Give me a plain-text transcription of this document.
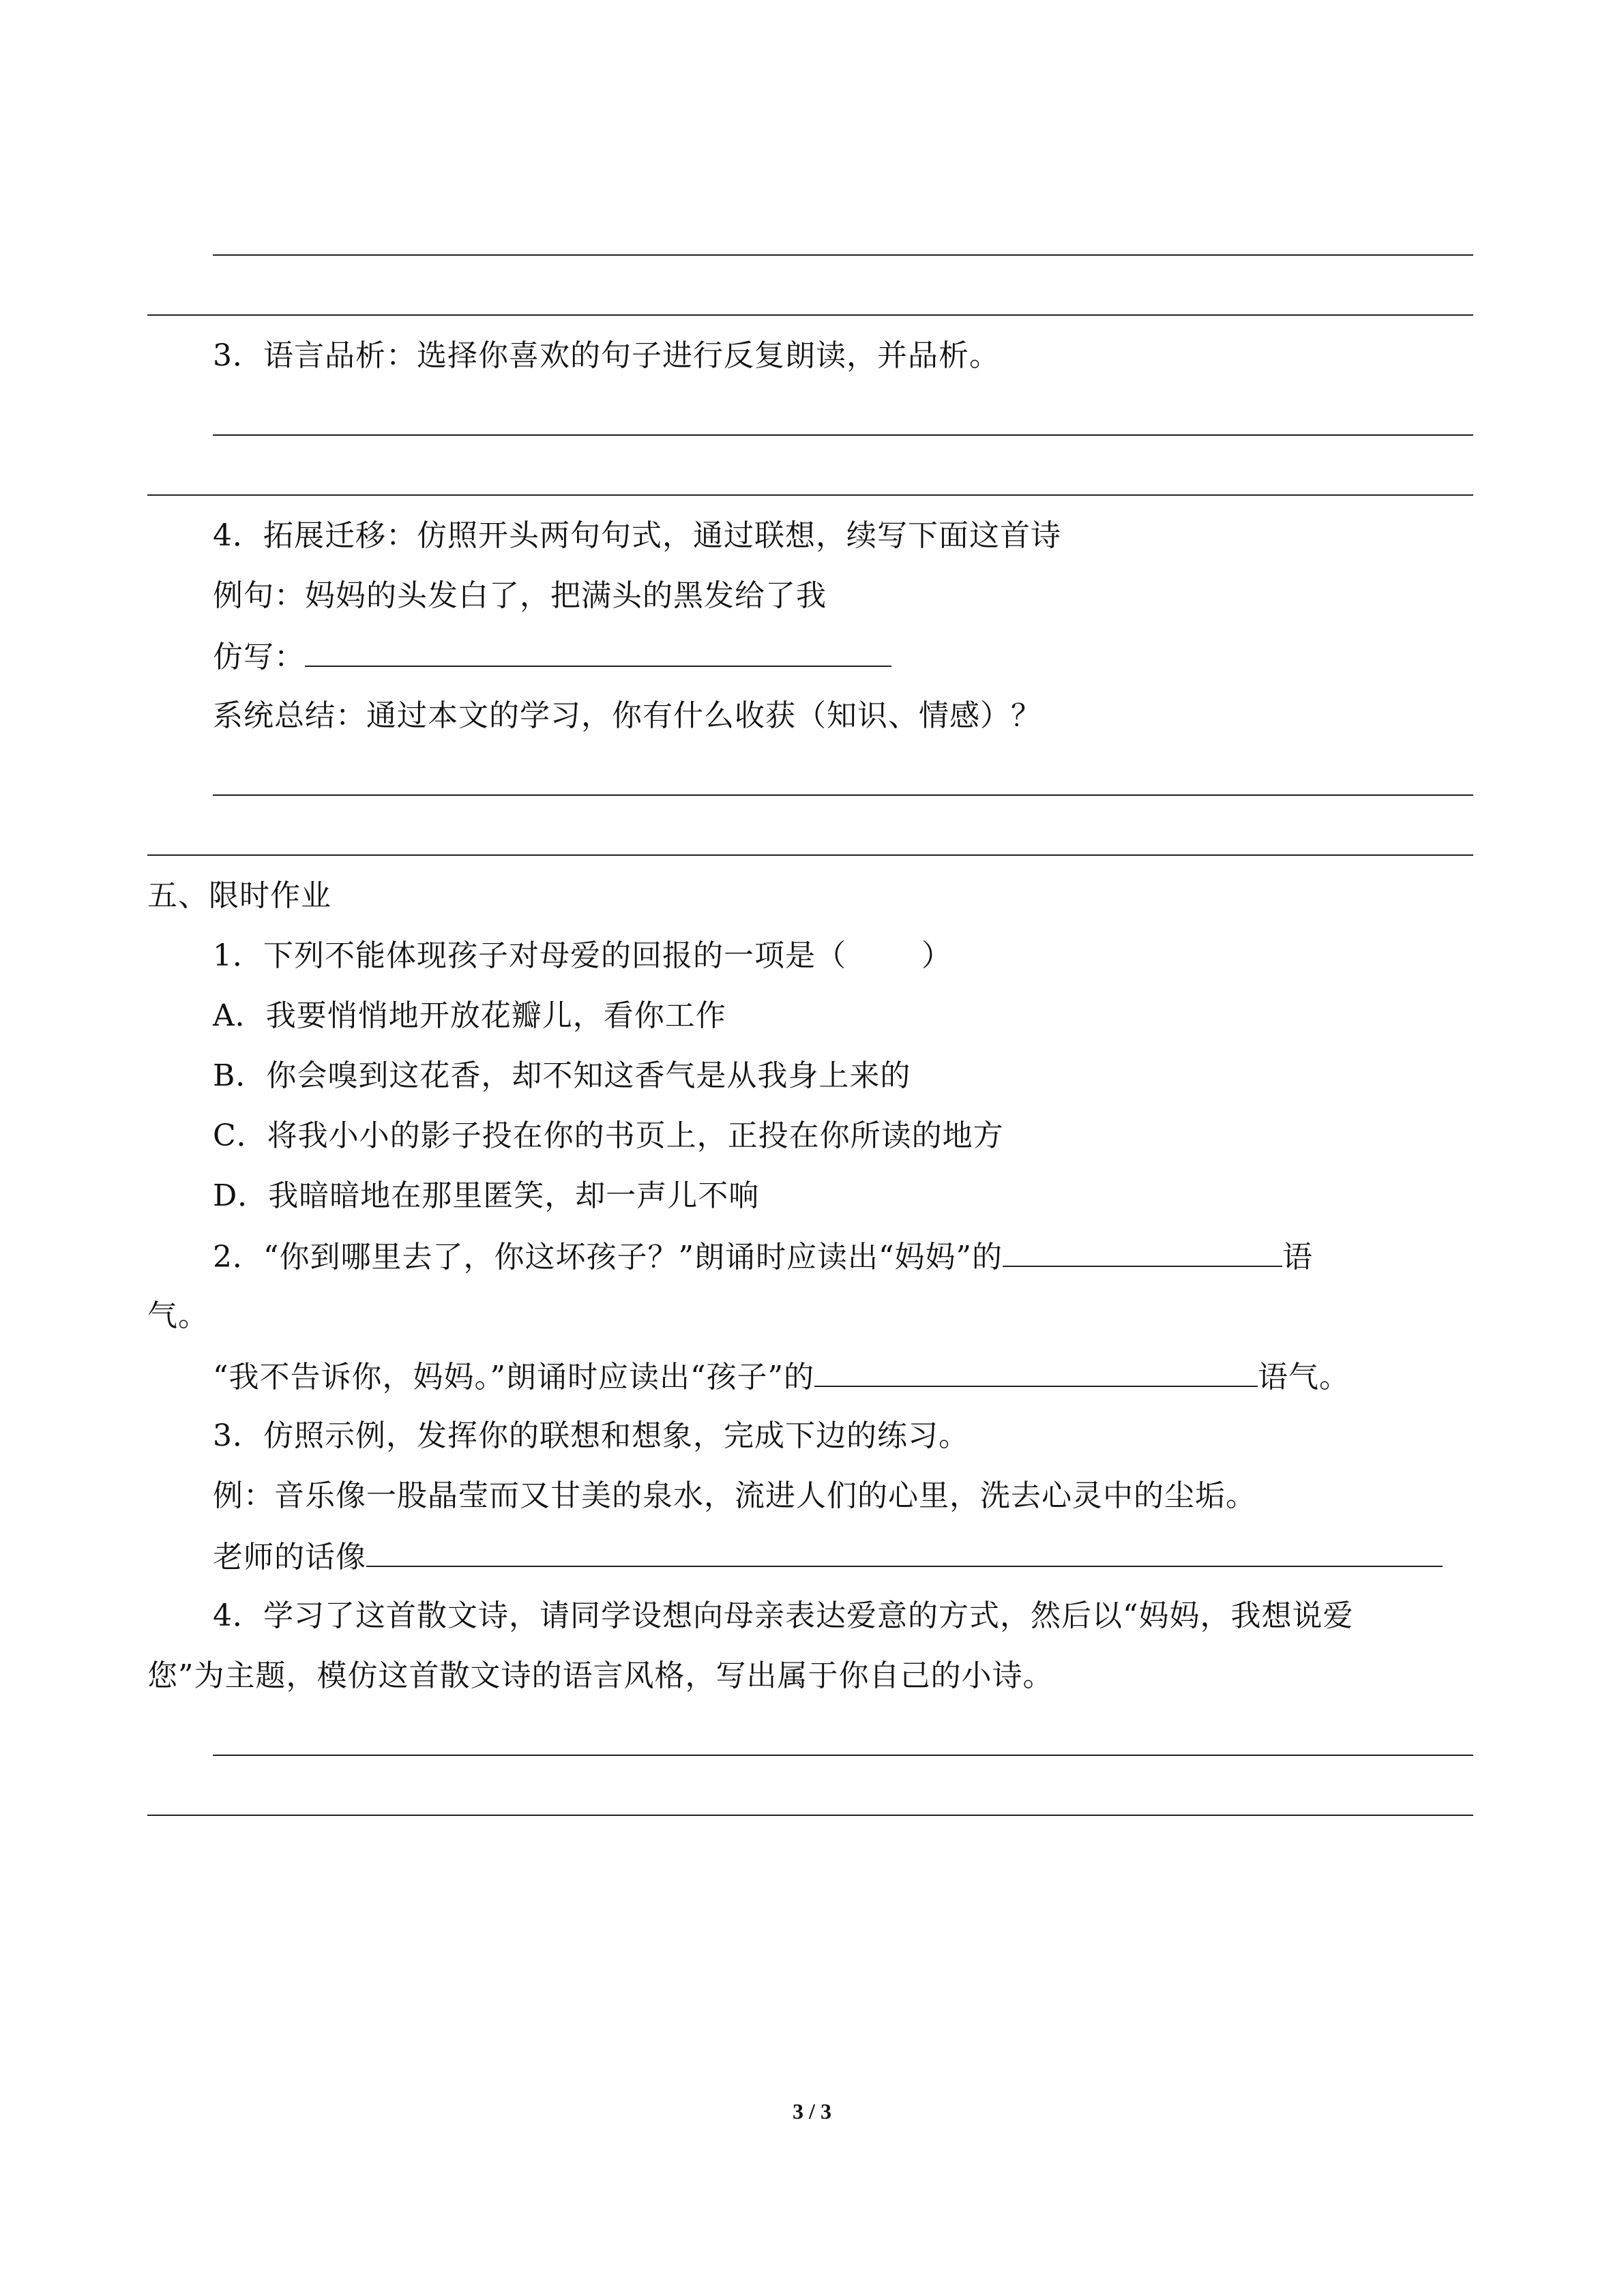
3．语言品析：选择你喜欢的句子进行反复朗读，并品析。
4．拓展迁移：仿照开头两句句式，通过联想，续写下面这首诗
例句：妈妈的头发白了，把满头的黑发给了我
仿写：
系统总结：通过本文的学习，你有什么收获（知识、情感）？
五、限时作业
1．下列不能体现孩子对母爱的回报的一项是（	）
A．我要悄悄地开放花瓣儿，看你工作
B．你会嗅到这花香，却不知这香气是从我身上来的
C．将我小小的影子投在你的书页上，正投在你所读的地方
D．我暗暗地在那里匿笑，却一声儿不响
2．“你到哪里去了，你这坏孩子？”朗诵时应读出“妈妈”的	语
气。
“我不告诉你，妈妈。”朗诵时应读出“孩子”的	语气。
3．仿照示例，发挥你的联想和想象，完成下边的练习。
例：音乐像一股晶莹而又甘美的泉水，流进人们的心里，洗去心灵中的尘垢。
老师的话像
4．学习了这首散文诗，请同学设想向母亲表达爱意的方式，然后以“妈妈，我想说爱
您”为主题，模仿这首散文诗的语言风格，写出属于你自己的小诗。
3 / 3
